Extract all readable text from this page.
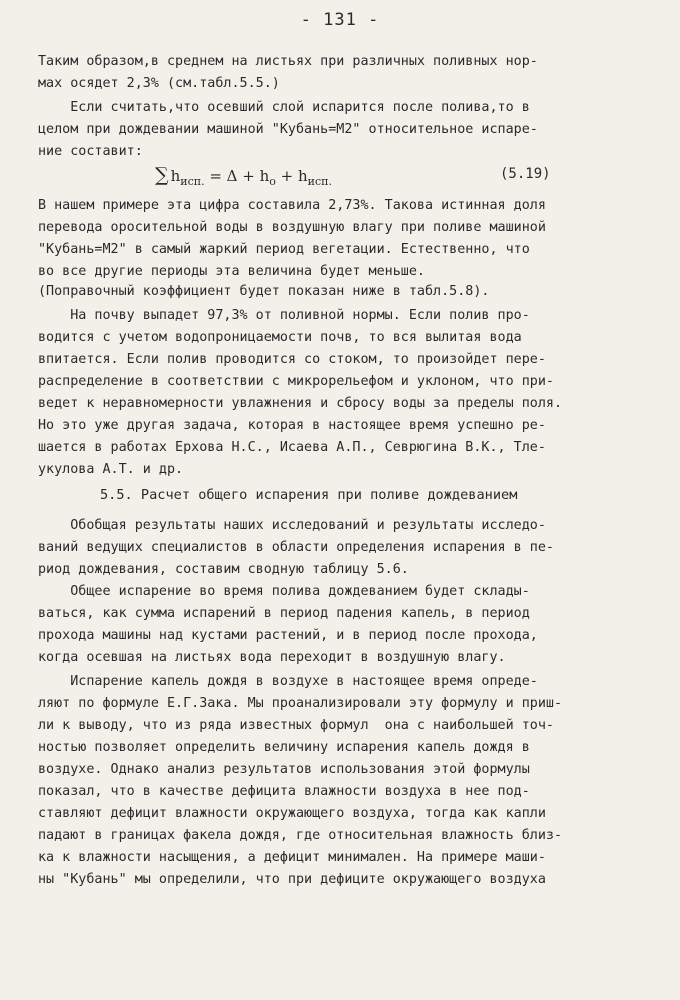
- 131 -
Таким образом,в среднем на листьях при различных поливных нор-
мах осядет 2,3% (см.табл.5.5.)
Если считать,что осевший слой испарится после полива,то в
целом при дождевании машиной "Кубань=М2" относительное испаре-
ние составит:
∑ $h_{исп.} = \Delta + h_о + h_{исп.}$	(5.19)
В нашем примере эта цифра составила 2,73%. Такова истинная доля
перевода оросительной воды в воздушную влагу при поливе машиной
"Кубань=М2" в самый жаркий период вегетации. Естественно, что
во все другие периоды эта величина будет меньше.
(Поправочный коэффициент будет показан ниже в табл.5.8).
На почву выпадет 97,3% от поливной нормы. Если полив про-
водится с учетом водопроницаемости почв, то вся вылитая вода
впитается. Если полив проводится со стоком, то произойдет пере-
распределение в соответствии с микрорельефом и уклоном, что при-
ведет к неравномерности увлажнения и сбросу воды за пределы поля.
Но это уже другая задача, которая в настоящее время успешно ре-
шается в работах Ерхова Н.С., Исаева А.П., Севрюгина В.К., Тле-
укулова А.Т. и др.
5.5. Расчет общего испарения при поливе дождеванием
Обобщая результаты наших исследований и результаты исследо-
ваний ведущих специалистов в области определения испарения в пе-
риод дождевания, составим сводную таблицу 5.6.
Общее испарение во время полива дождеванием будет склады-
ваться, как сумма испарений в период падения капель, в период
прохода машины над кустами растений, и в период после прохода,
когда осевшая на листьях вода переходит в воздушную влагу.
Испарение капель дождя в воздухе в настоящее время опреде-
ляют по формуле Е.Г.Зака. Мы проанализировали эту формулу и приш-
ли к выводу, что из ряда известных формул  она с наибольшей точ-
ностью позволяет определить величину испарения капель дождя в
воздухе. Однако анализ результатов использования этой формулы
показал, что в качестве дефицита влажности воздуха в нее под-
ставляют дефицит влажности окружающего воздуха, тогда как капли
падают в границах факела дождя, где относительная влажность близ-
ка к влажности насыщения, а дефицит минимален. На примере маши-
ны "Кубань" мы определили, что при дефиците окружающего воздуха
